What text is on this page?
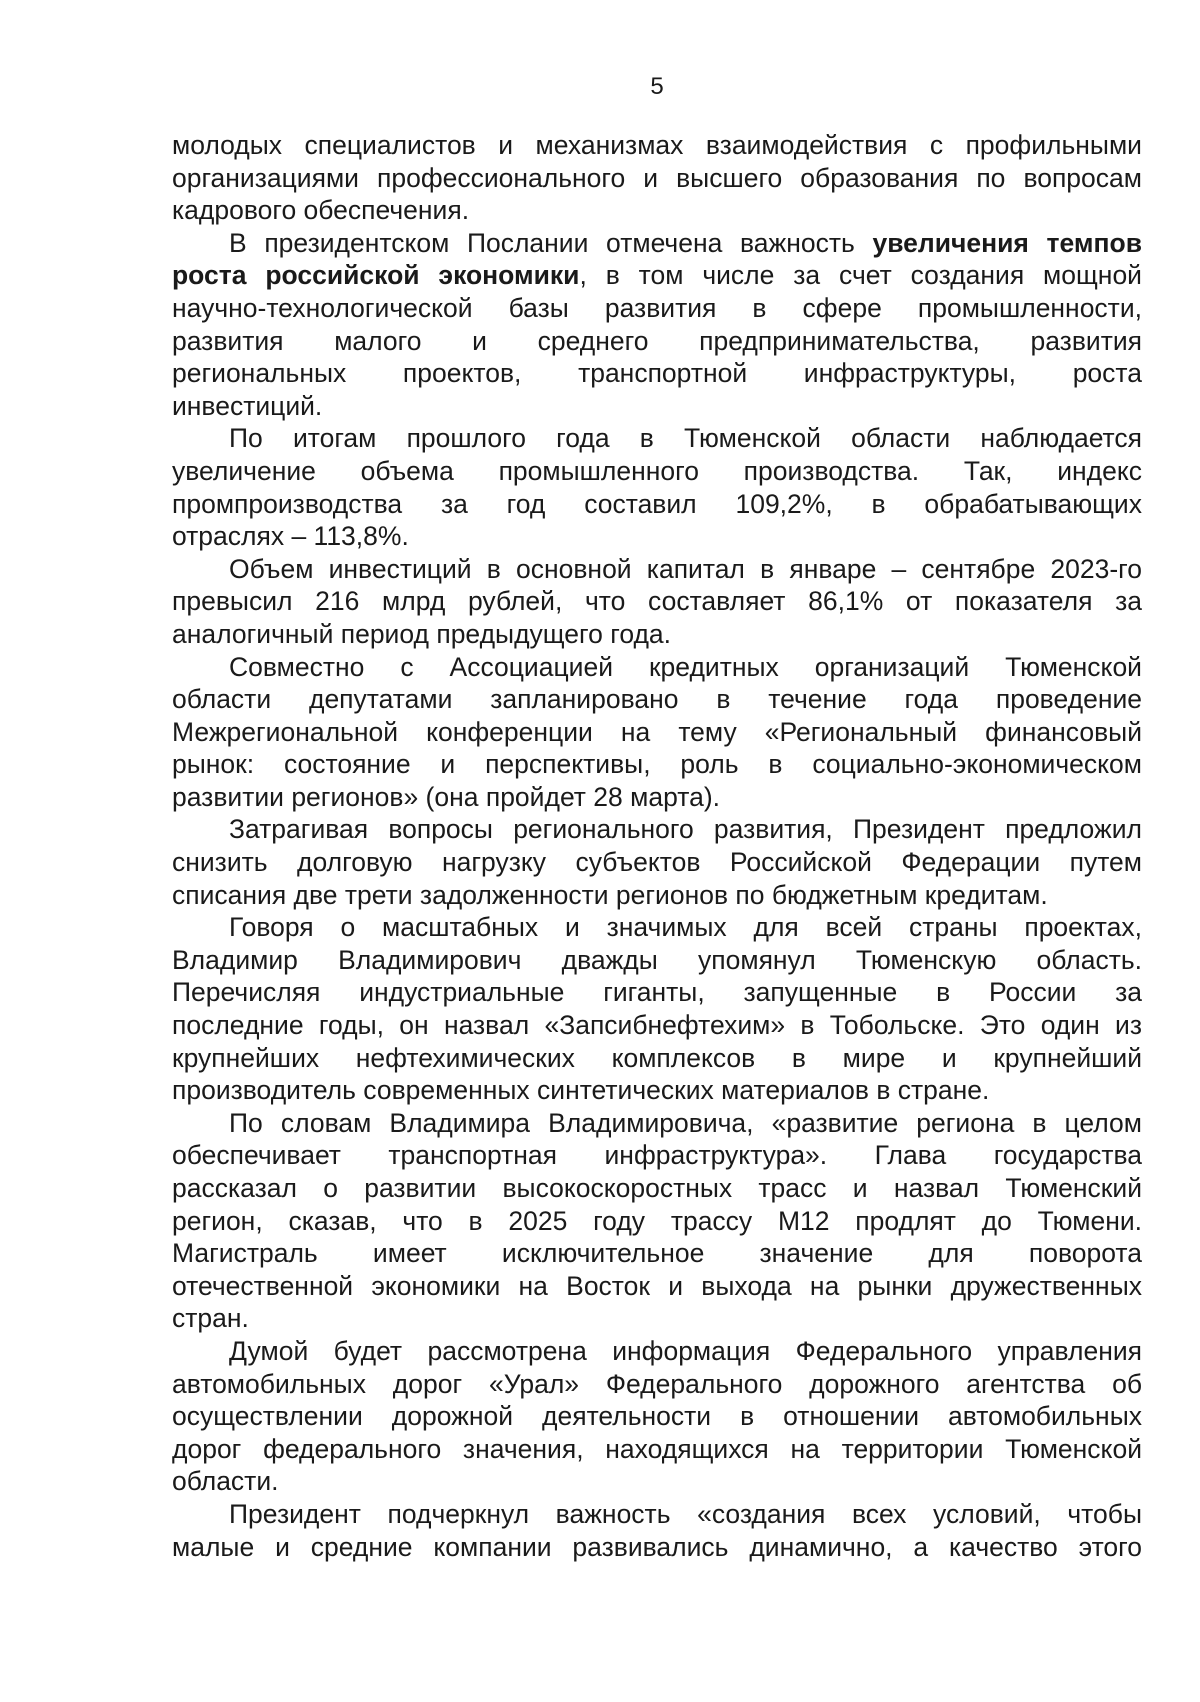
5
молодых специалистов и механизмах взаимодействия с профильными
организациями профессионального и высшего образования по вопросам
кадрового обеспечения.
В президентском Послании отмечена важность увеличения темпов
роста российской экономики, в том числе за счет создания мощной
научно-технологической базы развития в сфере промышленности,
развития малого и среднего предпринимательства, развития
региональных проектов, транспортной инфраструктуры, роста
инвестиций.
По итогам прошлого года в Тюменской области наблюдается
увеличение объема промышленного производства. Так, индекс
промпроизводства за год составил 109,2%, в обрабатывающих
отраслях – 113,8%.
Объем инвестиций в основной капитал в январе – сентябре 2023-го
превысил 216 млрд рублей, что составляет 86,1% от показателя за
аналогичный период предыдущего года.
Совместно с Ассоциацией кредитных организаций Тюменской
области депутатами запланировано в течение года проведение
Межрегиональной конференции на тему «Региональный финансовый
рынок: состояние и перспективы, роль в социально-экономическом
развитии регионов» (она пройдет 28 марта).
Затрагивая вопросы регионального развития, Президент предложил
снизить долговую нагрузку субъектов Российской Федерации путем
списания две трети задолженности регионов по бюджетным кредитам.
Говоря о масштабных и значимых для всей страны проектах,
Владимир Владимирович дважды упомянул Тюменскую область.
Перечисляя индустриальные гиганты, запущенные в России за
последние годы, он назвал «Запсибнефтехим» в Тобольске. Это один из
крупнейших нефтехимических комплексов в мире и крупнейший
производитель современных синтетических материалов в стране.
По словам Владимира Владимировича, «развитие региона в целом
обеспечивает транспортная инфраструктура». Глава государства
рассказал о развитии высокоскоростных трасс и назвал Тюменский
регион, сказав, что в 2025 году трассу М12 продлят до Тюмени.
Магистраль имеет исключительное значение для поворота
отечественной экономики на Восток и выхода на рынки дружественных
стран.
Думой будет рассмотрена информация Федерального управления
автомобильных дорог «Урал» Федерального дорожного агентства об
осуществлении дорожной деятельности в отношении автомобильных
дорог федерального значения, находящихся на территории Тюменской
области.
Президент подчеркнул важность «создания всех условий, чтобы
малые и средние компании развивались динамично, а качество этого
